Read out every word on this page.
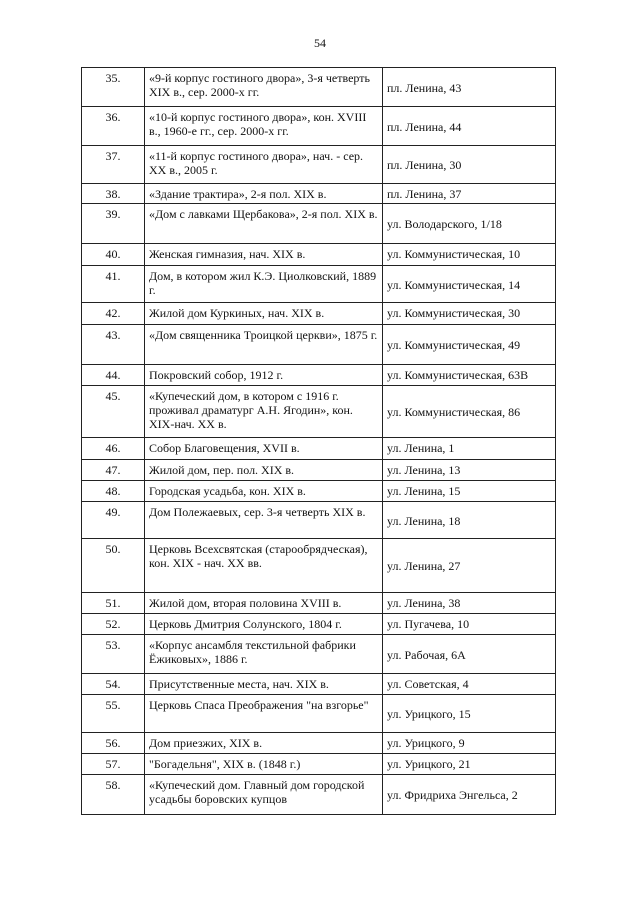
54
35.	«9-й корпус гостиного двора», 3-я четверть XIX в., сер. 2000-х гг.	пл. Ленина, 43
36.	«10-й корпус гостиного двора», кон. XVIII в., 1960-е гг., сер. 2000-х гг.	пл. Ленина, 44
37.	«11-й корпус гостиного двора», нач. - сер. XX в., 2005 г.	пл. Ленина, 30
38.	«Здание трактира», 2-я пол. XIX в.	пл. Ленина, 37
39.	«Дом с лавками Щербакова», 2-я пол. XIX в.	ул. Володарского, 1/18
40.	Женская гимназия, нач. XIX в.	ул. Коммунистическая, 10
41.	Дом, в котором жил К.Э. Циолковский, 1889 г.	ул. Коммунистическая, 14
42.	Жилой дом Куркиных, нач. XIX в.	ул. Коммунистическая, 30
43.	«Дом священника Троицкой церкви», 1875 г.	ул. Коммунистическая, 49
44.	Покровский собор, 1912 г.	ул. Коммунистическая, 63В
45.	«Купеческий дом, в котором с 1916 г. проживал драматург А.Н. Ягодин», кон. XIX-нач. XX в.	ул. Коммунистическая, 86
46.	Собор Благовещения, XVII в.	ул. Ленина, 1
47.	Жилой дом, пер. пол. XIX в.	ул. Ленина, 13
48.	Городская усадьба, кон. XIX в.	ул. Ленина, 15
49.	Дом Полежаевых, сер. 3-я четверть XIX в.	ул. Ленина, 18
50.	Церковь Всехсвятская (старообрядческая), кон. XIX - нач. XX вв.	ул. Ленина, 27
51.	Жилой дом, вторая половина XVIII в.	ул. Ленина, 38
52.	Церковь Дмитрия Солунского, 1804 г.	ул. Пугачева, 10
53.	«Корпус ансамбля текстильной фабрики Ёжиковых», 1886 г.	ул. Рабочая, 6А
54.	Присутственные места, нач. XIX в.	ул. Советская, 4
55.	Церковь Спаса Преображения "на взгорье"	ул. Урицкого, 15
56.	Дом приезжих, XIX в.	ул. Урицкого, 9
57.	"Богадельня", XIX в. (1848 г.)	ул. Урицкого, 21
58.	«Купеческий дом. Главный дом городской усадьбы боровских купцов	ул. Фридриха Энгельса, 2
